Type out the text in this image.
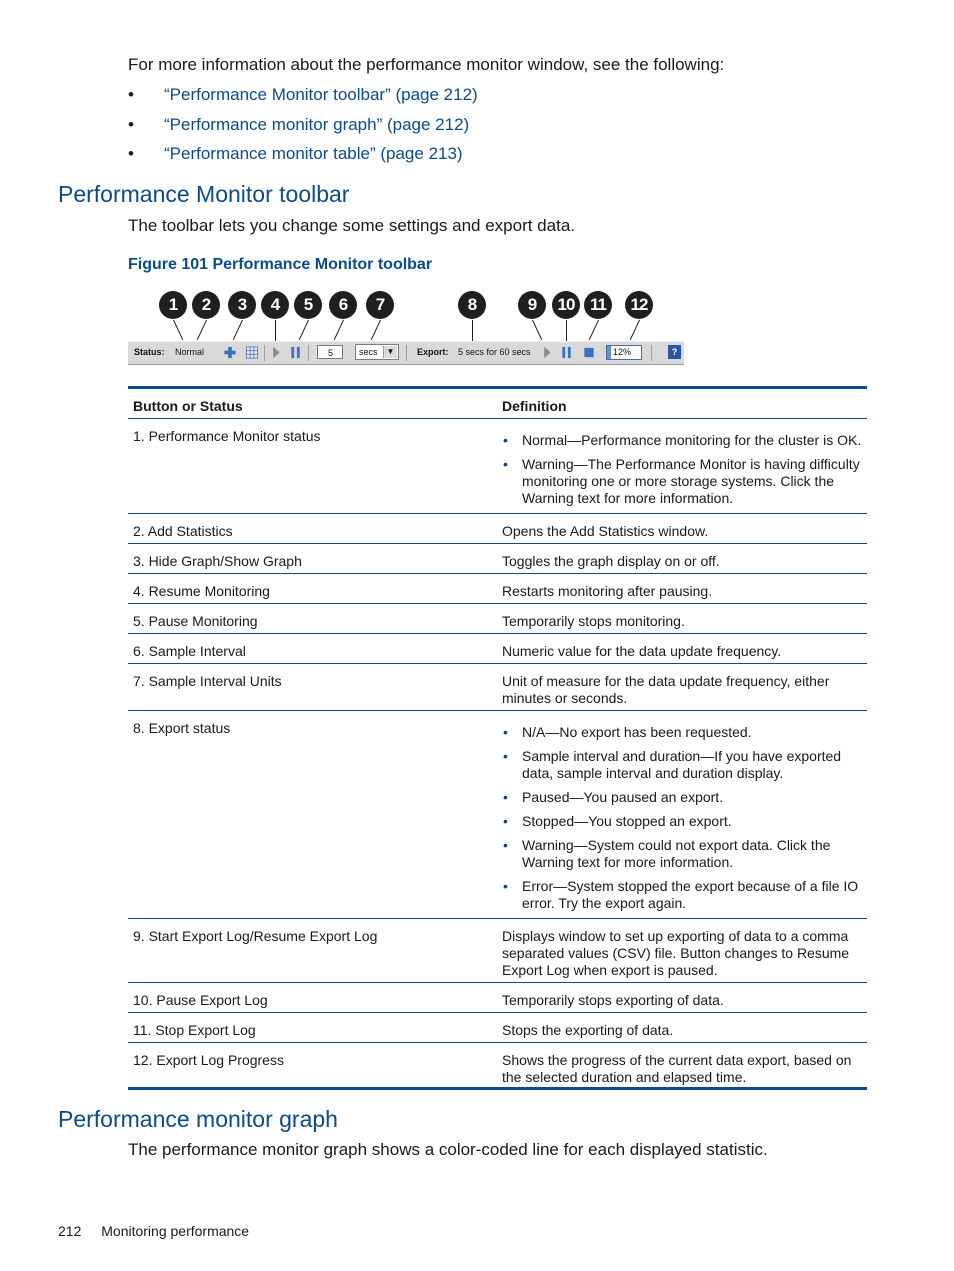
For more information about the performance monitor window, see the following:
• “Performance Monitor toolbar” (page 212)
• “Performance monitor graph” (page 212)
• “Performance monitor table” (page 213)
Performance Monitor toolbar
The toolbar lets you change some settings and export data.
Figure 101 Performance Monitor toolbar
1	2	3	4	5	6	7	8	9	10 11	12
Status: Normal	5	secs	▼	Export: 5 secs for 60 secs	12%	?
Button or Status	Definition
1. Performance Monitor status	• Normal—Performance monitoring for the cluster is OK.
• Warning—The Performance Monitor is having difficulty monitoring one or more storage systems. Click the Warning text for more information.
2. Add Statistics	Opens the Add Statistics window.
3. Hide Graph/Show Graph	Toggles the graph display on or off.
4. Resume Monitoring	Restarts monitoring after pausing.
5. Pause Monitoring	Temporarily stops monitoring.
6. Sample Interval	Numeric value for the data update frequency.
7. Sample Interval Units	Unit of measure for the data update frequency, either minutes or seconds.
8. Export status	• N/A—No export has been requested.
• Sample interval and duration—If you have exported data, sample interval and duration display.
• Paused—You paused an export.
• Stopped—You stopped an export.
• Warning—System could not export data. Click the Warning text for more information.
• Error—System stopped the export because of a file IO error. Try the export again.
9. Start Export Log/Resume Export Log	Displays window to set up exporting of data to a comma separated values (CSV) file. Button changes to Resume Export Log when export is paused.
10. Pause Export Log	Temporarily stops exporting of data.
11. Stop Export Log	Stops the exporting of data.
12. Export Log Progress	Shows the progress of the current data export, based on the selected duration and elapsed time.
Performance monitor graph
The performance monitor graph shows a color-coded line for each displayed statistic.
212 Monitoring performance
